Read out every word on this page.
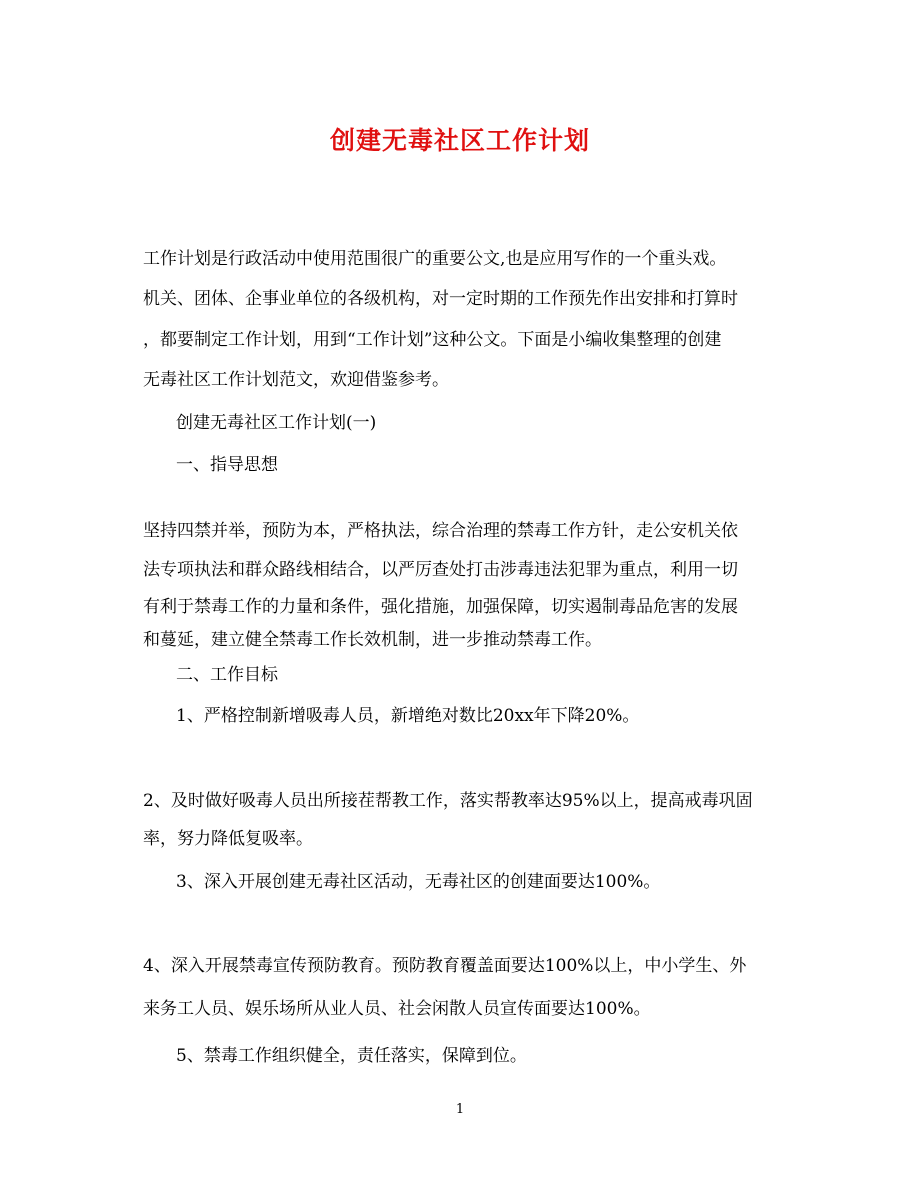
创建无毒社区工作计划
工作计划是行政活动中使用范围很广的重要公文,也是应用写作的一个重头戏。
机关、团体、企事业单位的各级机构，对一定时期的工作预先作出安排和打算时
，都要制定工作计划，用到“工作计划”这种公文。下面是小编收集整理的创建
无毒社区工作计划范文，欢迎借鉴参考。
创建无毒社区工作计划(一)
一、指导思想
坚持四禁并举，预防为本，严格执法，综合治理的禁毒工作方针，走公安机关依
法专项执法和群众路线相结合，以严厉查处打击涉毒违法犯罪为重点，利用一切
有利于禁毒工作的力量和条件，强化措施，加强保障，切实遏制毒品危害的发展
和蔓延，建立健全禁毒工作长效机制，进一步推动禁毒工作。
二、工作目标
1、严格控制新增吸毒人员，新增绝对数比20xx年下降20%。
2、及时做好吸毒人员出所接茬帮教工作，落实帮教率达95%以上，提高戒毒巩固
率，努力降低复吸率。
3、深入开展创建无毒社区活动，无毒社区的创建面要达100%。
4、深入开展禁毒宣传预防教育。预防教育覆盖面要达100%以上，中小学生、外
来务工人员、娱乐场所从业人员、社会闲散人员宣传面要达100%。
5、禁毒工作组织健全，责任落实，保障到位。
1
